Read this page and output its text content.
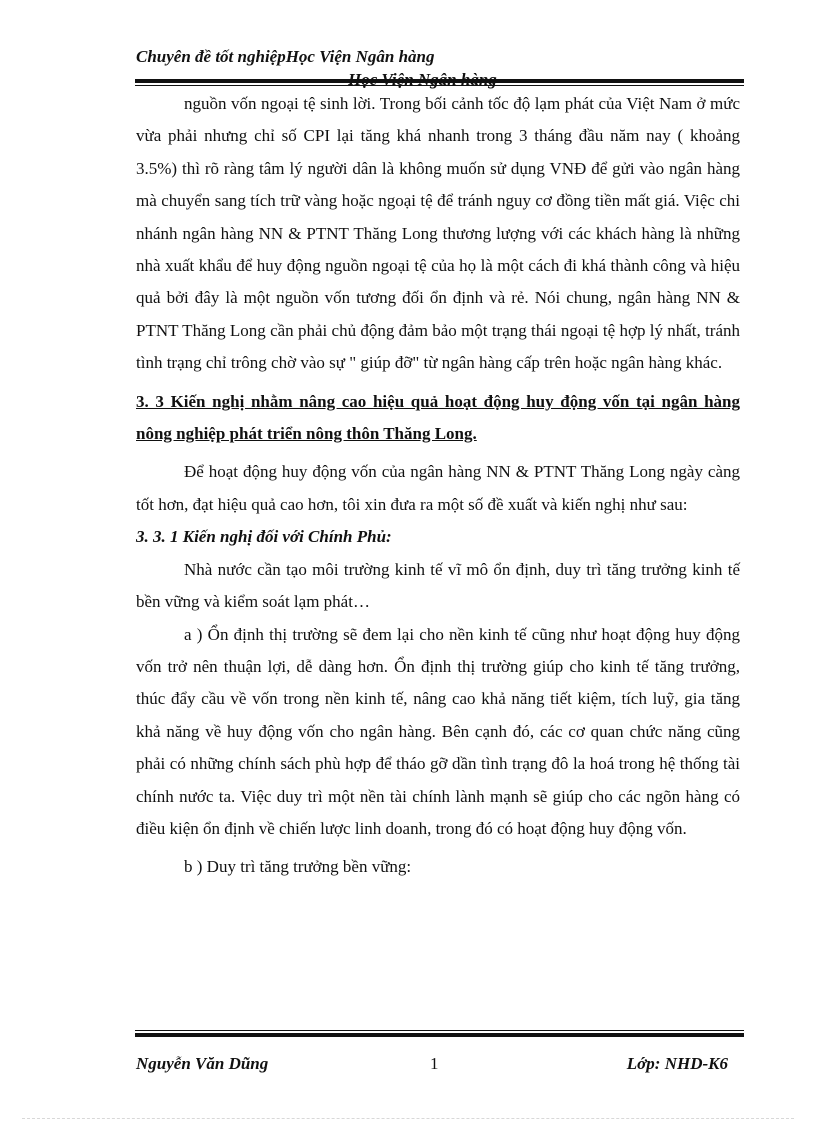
Chuyên đề tốt nghiệpHọc Viện Ngân hàng

nguồn vốn ngoại tệ sinh lời. Trong bối cảnh tốc độ lạm phát của Việt Nam ở mức vừa phải nhưng chỉ số CPI lại tăng khá nhanh trong 3 tháng đầu năm nay ( khoảng 3.5%) thì rõ ràng tâm lý người dân là không muốn sử dụng VNĐ để gửi vào ngân hàng mà chuyển sang tích trữ vàng hoặc ngoại tệ để tránh nguy cơ đồng tiền mất giá. Việc chi nhánh ngân hàng NN & PTNT Thăng Long thương lượng với các khách hàng là những nhà xuất khẩu để huy động nguồn ngoại tệ của họ là một cách đi khá thành công và hiệu quả bởi đây là một nguồn vốn tương đối ổn định và rẻ. Nói chung, ngân hàng NN & PTNT Thăng Long cần phải chủ động đảm bảo một trạng thái ngoại tệ hợp lý nhất, tránh tình trạng chỉ trông chờ vào sự " giúp đỡ" từ ngân hàng cấp trên hoặc ngân hàng khác.

3. 3 Kiến nghị nhằm nâng cao hiệu quả hoạt động huy động vốn tại ngân hàng nông nghiệp phát triển nông thôn Thăng Long.

Để hoạt động huy động vốn của ngân hàng NN & PTNT Thăng Long ngày càng tốt hơn, đạt hiệu quả cao hơn, tôi xin đưa ra một số đề xuất và kiến nghị như sau:

3. 3. 1 Kiến nghị đối với Chính Phủ:

Nhà nước cần tạo môi trường kinh tế vĩ mô ổn định, duy trì tăng trưởng kinh tế bền vững và kiểm soát lạm phát…

a ) Ổn định thị trường sẽ đem lại cho nền kinh tế cũng như hoạt động huy động vốn trở nên thuận lợi, dễ dàng hơn. Ổn định thị trường giúp cho kinh tế tăng trưởng, thúc đẩy cầu về vốn trong nền kinh tế, nâng cao khả năng tiết kiệm, tích luỹ, gia tăng khả năng về huy động vốn cho ngân hàng. Bên cạnh đó, các cơ quan chức năng cũng phải có những chính sách phù hợp để tháo gỡ dần tình trạng đô la hoá trong hệ thống tài chính nước ta. Việc duy trì một nền tài chính lành mạnh sẽ giúp cho các ngõn hàng có điều kiện ổn định về chiến lược linh doanh, trong đó có hoạt động huy động vốn.

b ) Duy trì tăng trưởng bền vững:

Nguyễn Văn Dũng	1	Lớp: NHD-K6
